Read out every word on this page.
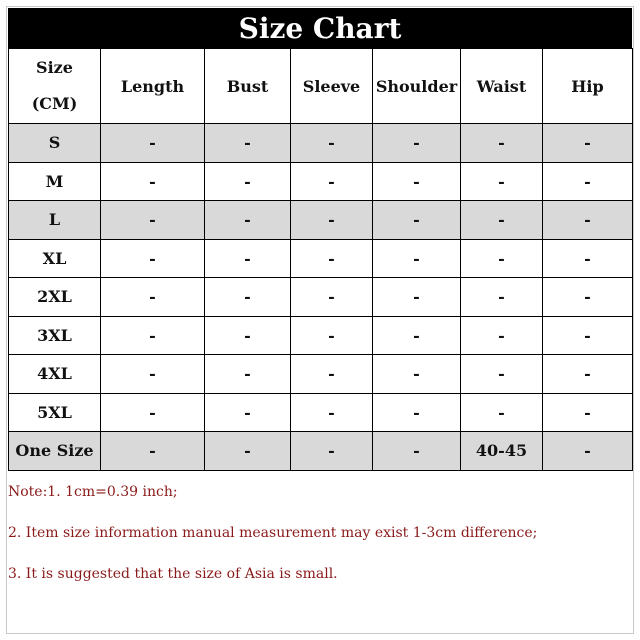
Size Chart
Size
(CM)	Length	Bust	Sleeve	Shoulder	Waist	Hip
S	-	-	-	-	-	-
M	-	-	-	-	-	-
L	-	-	-	-	-	-
XL	-	-	-	-	-	-
2XL	-	-	-	-	-	-
3XL	-	-	-	-	-	-
4XL	-	-	-	-	-	-
5XL	-	-	-	-	-	-
One Size	-	-	-	-	40-45	-
Note:1. 1cm=0.39 inch;
2. Item size information manual measurement may exist 1-3cm difference;
3. It is suggested that the size of Asia is small.
